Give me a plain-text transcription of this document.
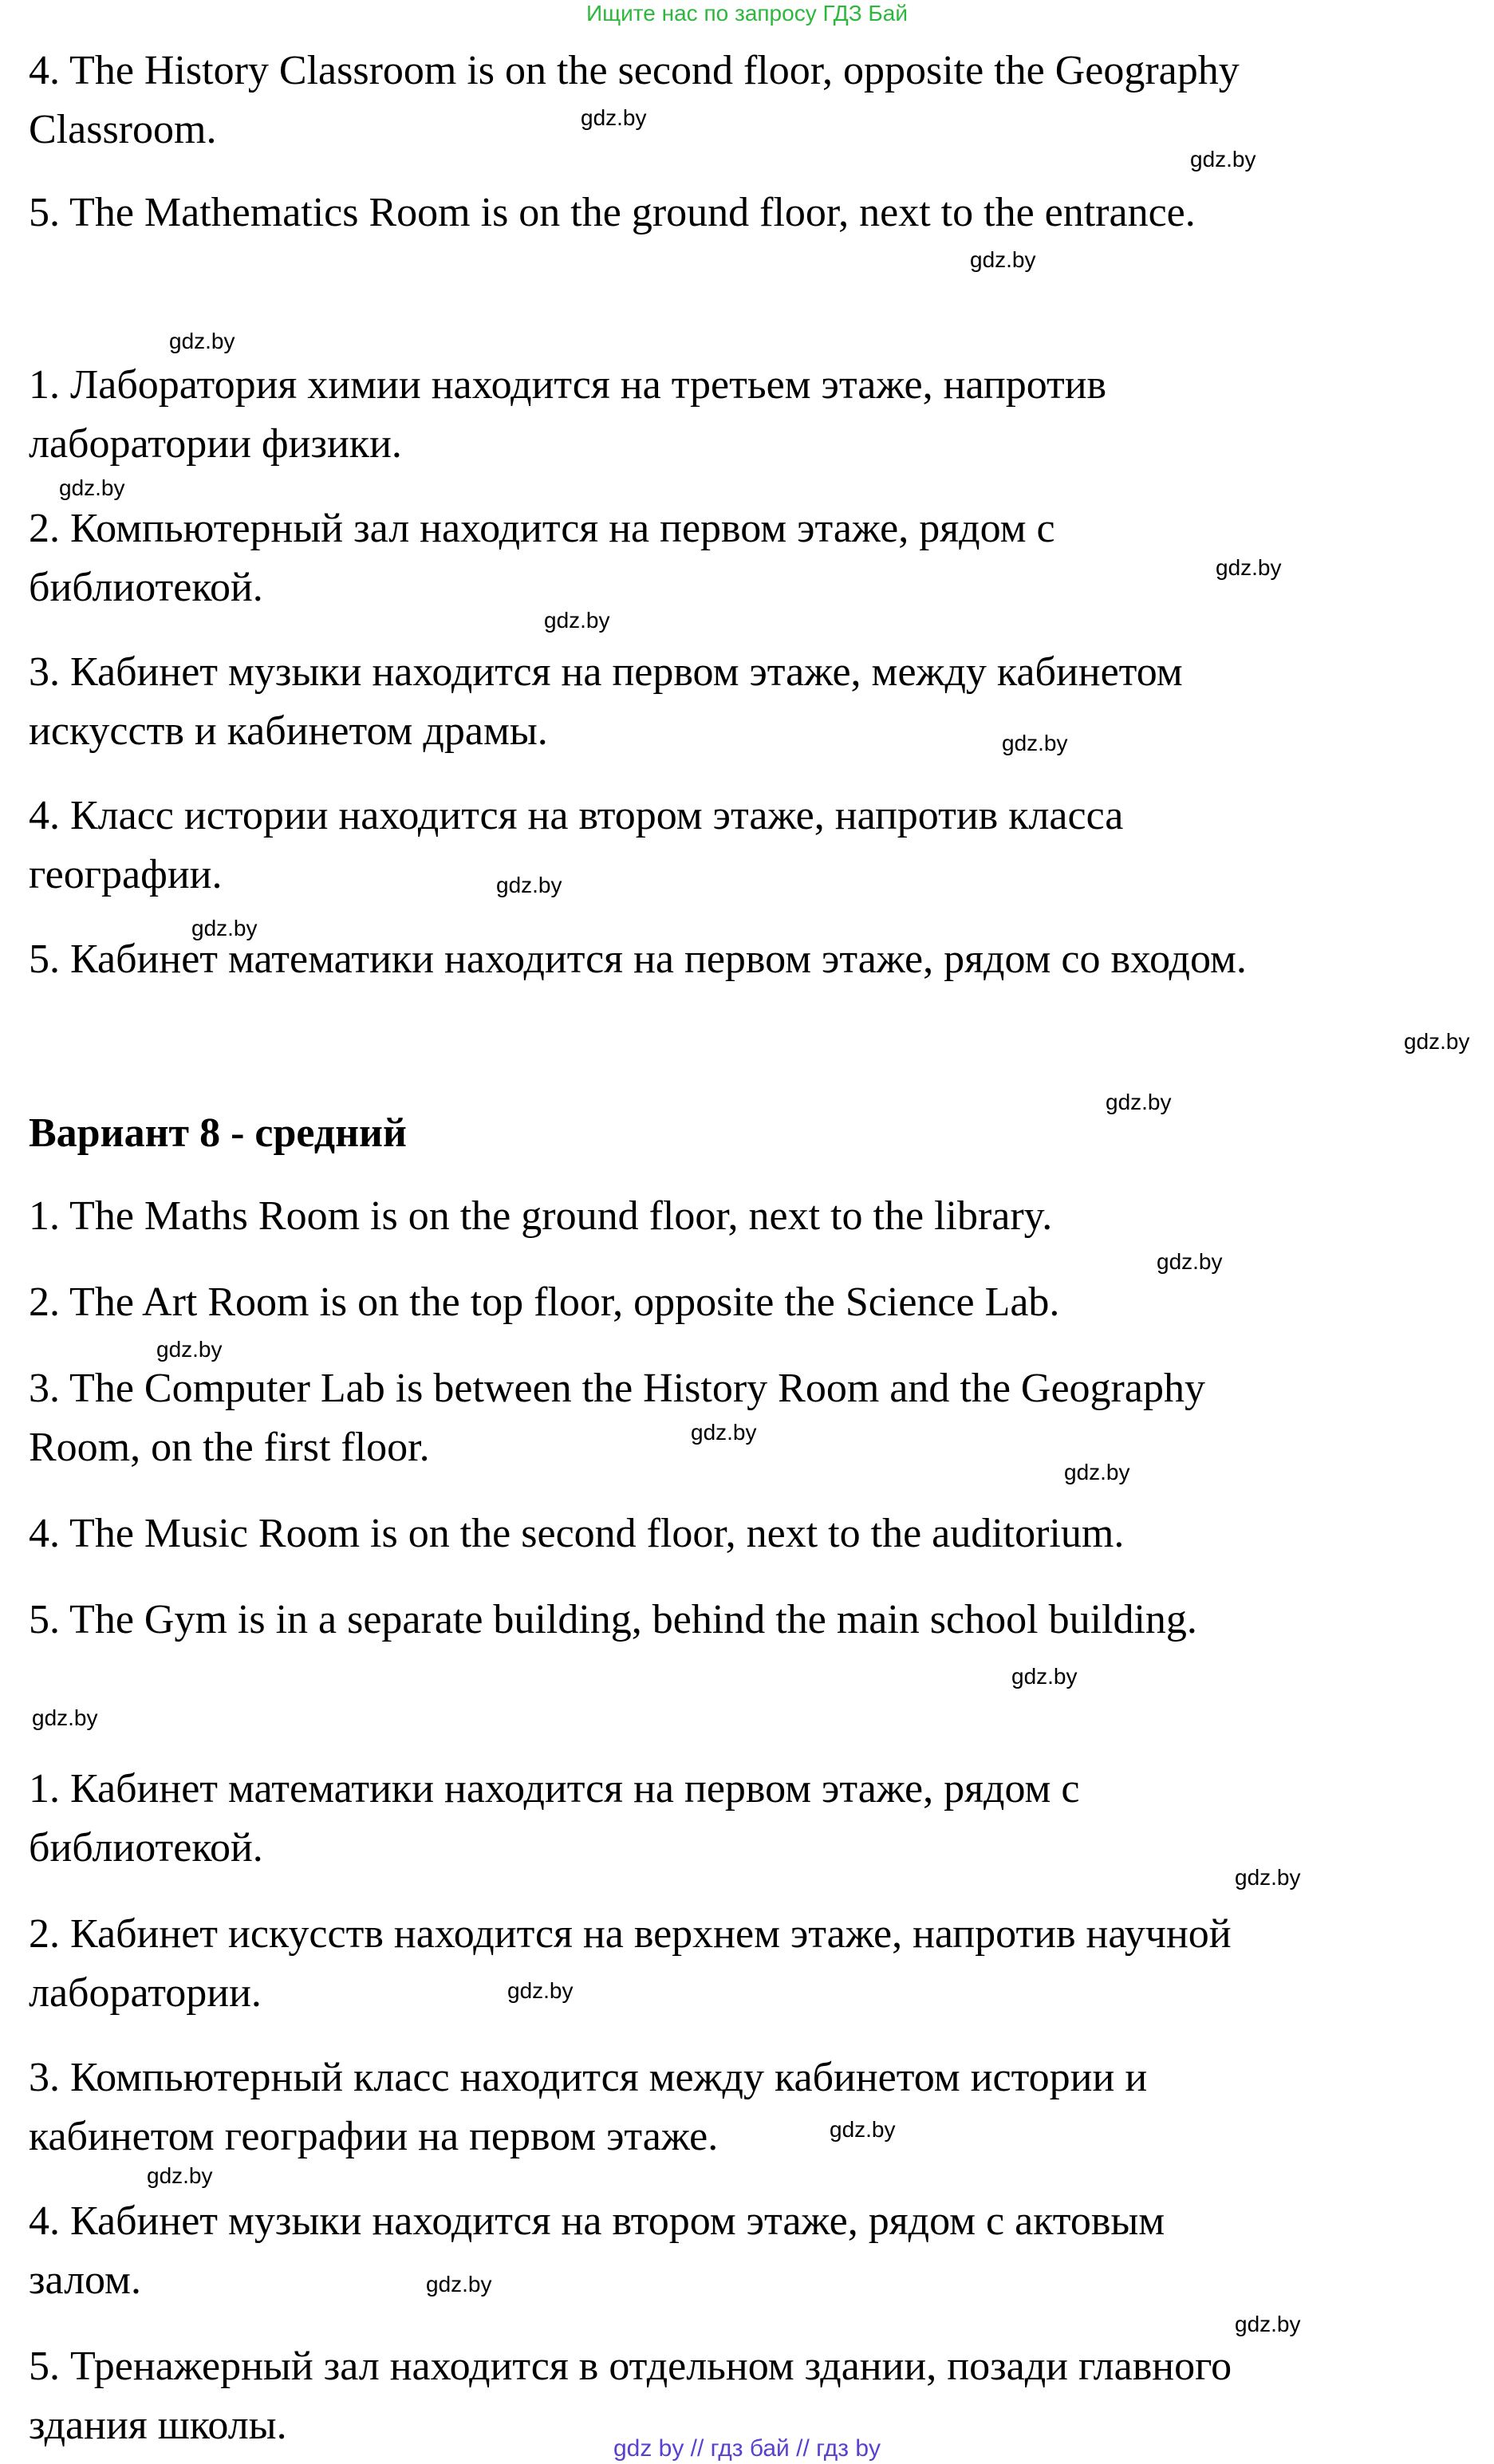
Ищите нас по запросу ГДЗ Бай
4. The History Classroom is on the second floor, opposite the Geography
Classroom.
5. The Mathematics Room is on the ground floor, next to the entrance.
1. Лаборатория химии находится на третьем этаже, напротив
лаборатории физики.
2. Компьютерный зал находится на первом этаже, рядом с
библиотекой.
3. Кабинет музыки находится на первом этаже, между кабинетом
искусств и кабинетом драмы.
4. Класс истории находится на втором этаже, напротив класса
географии.
5. Кабинет математики находится на первом этаже, рядом со входом.
Вариант 8 - средний
1. The Maths Room is on the ground floor, next to the library.
2. The Art Room is on the top floor, opposite the Science Lab.
3. The Computer Lab is between the History Room and the Geography
Room, on the first floor.
4. The Music Room is on the second floor, next to the auditorium.
5. The Gym is in a separate building, behind the main school building.
1. Кабинет математики находится на первом этаже, рядом с
библиотекой.
2. Кабинет искусств находится на верхнем этаже, напротив научной
лаборатории.
3. Компьютерный класс находится между кабинетом истории и
кабинетом географии на первом этаже.
4. Кабинет музыки находится на втором этаже, рядом с актовым
залом.
5. Тренажерный зал находится в отдельном здании, позади главного
здания школы.
gdz.by
gdz.by
gdz.by
gdz.by
gdz.by
gdz.by
gdz.by
gdz.by
gdz.by
gdz.by
gdz.by
gdz.by
gdz.by
gdz.by
gdz.by
gdz.by
gdz.by
gdz.by
gdz.by
gdz.by
gdz.by
gdz.by
gdz.by
gdz.by
gdz by // гдз бай // гдз by
